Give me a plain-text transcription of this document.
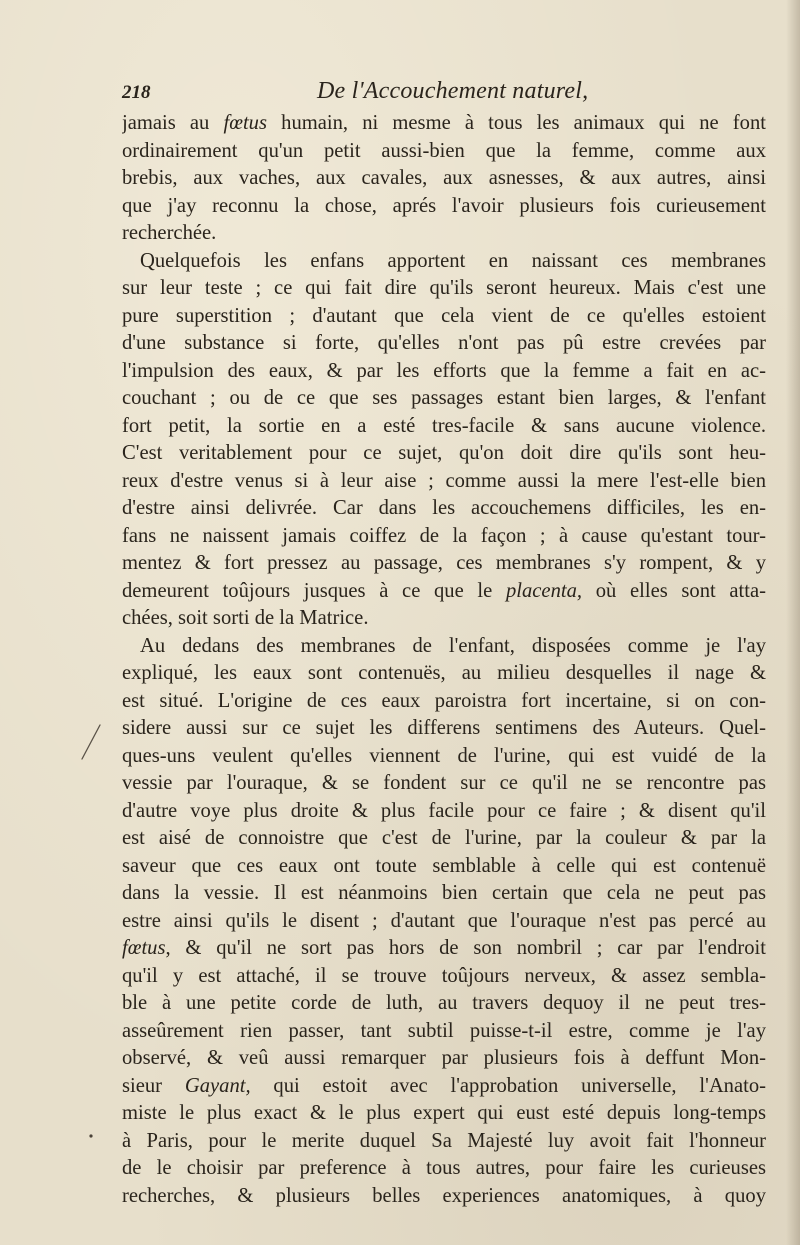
218	De l'Accouchement naturel,
jamais au fœtus humain, ni mesme à tous les animaux qui ne font
ordinairement qu'un petit aussi-bien que la femme, comme aux
brebis, aux vaches, aux cavales, aux asnesses, & aux autres, ainsi
que j'ay reconnu la chose, aprés l'avoir plusieurs fois curieusement
recherchée.
Quelquefois les enfans apportent en naissant ces membranes
sur leur teste ; ce qui fait dire qu'ils seront heureux. Mais c'est une
pure superstition ; d'autant que cela vient de ce qu'elles estoient
d'une substance si forte, qu'elles n'ont pas pû estre crevées par
l'impulsion des eaux, & par les efforts que la femme a fait en ac-
couchant ; ou de ce que ses passages estant bien larges, & l'enfant
fort petit, la sortie en a esté tres-facile & sans aucune violence.
C'est veritablement pour ce sujet, qu'on doit dire qu'ils sont heu-
reux d'estre venus si à leur aise ; comme aussi la mere l'est-elle bien
d'estre ainsi delivrée. Car dans les accouchemens difficiles, les en-
fans ne naissent jamais coiffez de la façon ; à cause qu'estant tour-
mentez & fort pressez au passage, ces membranes s'y rompent, & y
demeurent toûjours jusques à ce que le placenta, où elles sont atta-
chées, soit sorti de la Matrice.
Au dedans des membranes de l'enfant, disposées comme je l'ay
expliqué, les eaux sont contenuës, au milieu desquelles il nage &
est situé. L'origine de ces eaux paroistra fort incertaine, si on con-
sidere aussi sur ce sujet les differens sentimens des Auteurs. Quel-
ques-uns veulent qu'elles viennent de l'urine, qui est vuidé de la
vessie par l'ouraque, & se fondent sur ce qu'il ne se rencontre pas
d'autre voye plus droite & plus facile pour ce faire ; & disent qu'il
est aisé de connoistre que c'est de l'urine, par la couleur & par la
saveur que ces eaux ont toute semblable à celle qui est contenuë
dans la vessie. Il est néanmoins bien certain que cela ne peut pas
estre ainsi qu'ils le disent ; d'autant que l'ouraque n'est pas percé au
fœtus, & qu'il ne sort pas hors de son nombril ; car par l'endroit
qu'il y est attaché, il se trouve toûjours nerveux, & assez sembla-
ble à une petite corde de luth, au travers dequoy il ne peut tres-
asseûrement rien passer, tant subtil puisse-t-il estre, comme je l'ay
observé, & veû aussi remarquer par plusieurs fois à deffunt Mon-
sieur Gayant, qui estoit avec l'approbation universelle, l'Anato-
miste le plus exact & le plus expert qui eust esté depuis long-temps
à Paris, pour le merite duquel Sa Majesté luy avoit fait l'honneur
de le choisir par preference à tous autres, pour faire les curieuses
recherches, & plusieurs belles experiences anatomiques, à quoy
